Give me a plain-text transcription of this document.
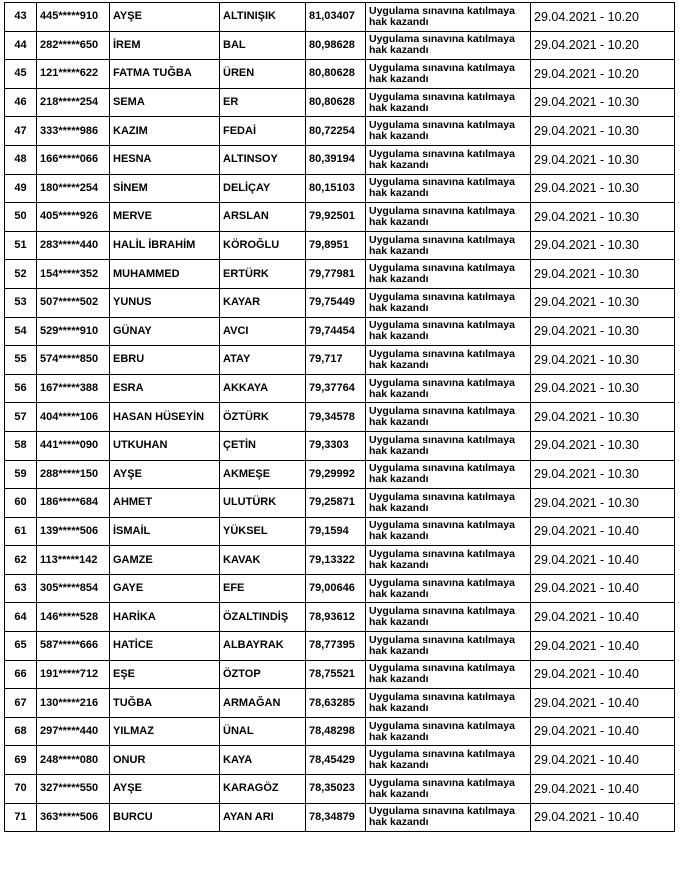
43	445*****910	AYŞE	ALTINIŞIK	81,03407	Uygulama sınavına katılmaya hak kazandı	29.04.2021 - 10.20
44	282*****650	İREM	BAL	80,98628	Uygulama sınavına katılmaya hak kazandı	29.04.2021 - 10.20
45	121*****622	FATMA TUĞBA	ÜREN	80,80628	Uygulama sınavına katılmaya hak kazandı	29.04.2021 - 10.20
46	218*****254	SEMA	ER	80,80628	Uygulama sınavına katılmaya hak kazandı	29.04.2021 - 10.30
47	333*****986	KAZIM	FEDAİ	80,72254	Uygulama sınavına katılmaya hak kazandı	29.04.2021 - 10.30
48	166*****066	HESNA	ALTINSOY	80,39194	Uygulama sınavına katılmaya hak kazandı	29.04.2021 - 10.30
49	180*****254	SİNEM	DELİÇAY	80,15103	Uygulama sınavına katılmaya hak kazandı	29.04.2021 - 10.30
50	405*****926	MERVE	ARSLAN	79,92501	Uygulama sınavına katılmaya hak kazandı	29.04.2021 - 10.30
51	283*****440	HALİL İBRAHİM	KÖROĞLU	79,8951	Uygulama sınavına katılmaya hak kazandı	29.04.2021 - 10.30
52	154*****352	MUHAMMED	ERTÜRK	79,77981	Uygulama sınavına katılmaya hak kazandı	29.04.2021 - 10.30
53	507*****502	YUNUS	KAYAR	79,75449	Uygulama sınavına katılmaya hak kazandı	29.04.2021 - 10.30
54	529*****910	GÜNAY	AVCI	79,74454	Uygulama sınavına katılmaya hak kazandı	29.04.2021 - 10.30
55	574*****850	EBRU	ATAY	79,717	Uygulama sınavına katılmaya hak kazandı	29.04.2021 - 10.30
56	167*****388	ESRA	AKKAYA	79,37764	Uygulama sınavına katılmaya hak kazandı	29.04.2021 - 10.30
57	404*****106	HASAN HÜSEYİN	ÖZTÜRK	79,34578	Uygulama sınavına katılmaya hak kazandı	29.04.2021 - 10.30
58	441*****090	UTKUHAN	ÇETİN	79,3303	Uygulama sınavına katılmaya hak kazandı	29.04.2021 - 10.30
59	288*****150	AYŞE	AKMEŞE	79,29992	Uygulama sınavına katılmaya hak kazandı	29.04.2021 - 10.30
60	186*****684	AHMET	ULUTÜRK	79,25871	Uygulama sınavına katılmaya hak kazandı	29.04.2021 - 10.30
61	139*****506	İSMAİL	YÜKSEL	79,1594	Uygulama sınavına katılmaya hak kazandı	29.04.2021 - 10.40
62	113*****142	GAMZE	KAVAK	79,13322	Uygulama sınavına katılmaya hak kazandı	29.04.2021 - 10.40
63	305*****854	GAYE	EFE	79,00646	Uygulama sınavına katılmaya hak kazandı	29.04.2021 - 10.40
64	146*****528	HARİKA	ÖZALTINDİŞ	78,93612	Uygulama sınavına katılmaya hak kazandı	29.04.2021 - 10.40
65	587*****666	HATİCE	ALBAYRAK	78,77395	Uygulama sınavına katılmaya hak kazandı	29.04.2021 - 10.40
66	191*****712	EŞE	ÖZTOP	78,75521	Uygulama sınavına katılmaya hak kazandı	29.04.2021 - 10.40
67	130*****216	TUĞBA	ARMAĞAN	78,63285	Uygulama sınavına katılmaya hak kazandı	29.04.2021 - 10.40
68	297*****440	YILMAZ	ÜNAL	78,48298	Uygulama sınavına katılmaya hak kazandı	29.04.2021 - 10.40
69	248*****080	ONUR	KAYA	78,45429	Uygulama sınavına katılmaya hak kazandı	29.04.2021 - 10.40
70	327*****550	AYŞE	KARAGÖZ	78,35023	Uygulama sınavına katılmaya hak kazandı	29.04.2021 - 10.40
71	363*****506	BURCU	AYAN ARI	78,34879	Uygulama sınavına katılmaya hak kazandı	29.04.2021 - 10.40
